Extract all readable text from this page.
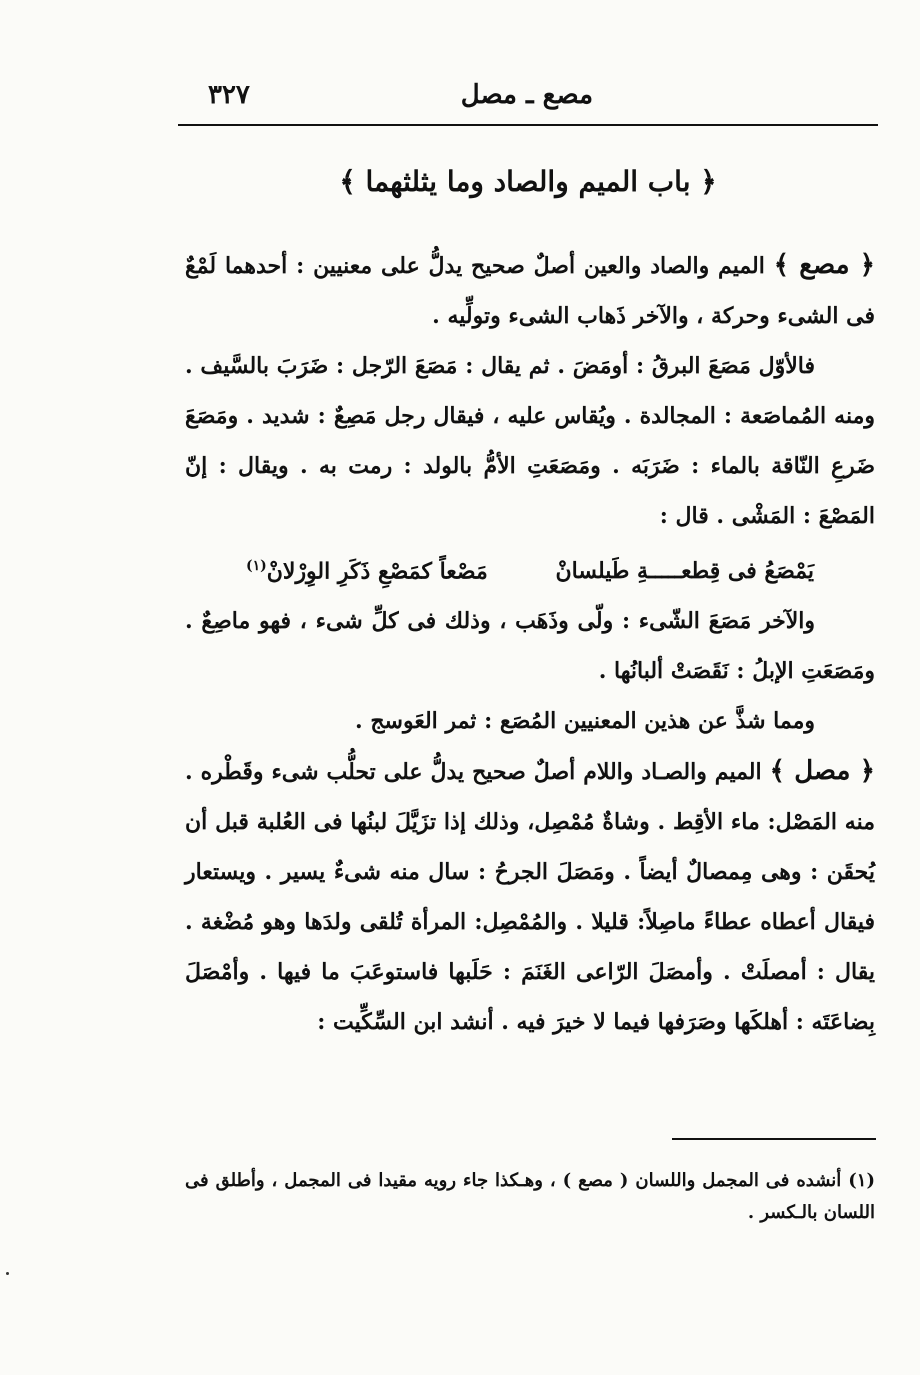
مصع ـ مصل
٣٢٧
﴿ باب الميم والصاد وما يثلثهما ﴾

﴿ مصع ﴾ الميم والصاد والعين أصلٌ صحيح يدلُّ على معنيين : أحدهما لَمْعٌ فى الشىء وحركة ، والآخر ذَهاب الشىء وتولِّيه .

فالأوّل مَصَعَ البرقُ : أومَضَ . ثم يقال : مَصَعَ الرّجل : ضَرَبَ بالسَّيف . ومنه المُماصَعة : المجالدة . ويُقاس عليه ، فيقال رجل مَصِعٌ : شديد . ومَصَعَ ضَرعِ النّاقة بالماء : ضَرَبَه . ومَصَعَتِ الأمُّ بالولد : رمت به . ويقال : إنّ المَصْعَ : المَشْى . قال :

يَمْصَعُ فى قِطعـــــةِ طَيلسانْ مَصْعاً كمَصْعِ ذَكَرِ الوِرْلانْ$^{(١)}$

والآخر مَصَعَ الشّىء : ولّى وذَهَب ، وذلك فى كلِّ شىء ، فهو ماصِعٌ . ومَصَعَتِ الإبلُ : نَقَصَتْ ألبانُها .

ومما شذَّ عن هذين المعنيين المُصَع : ثمر العَوسج .

﴿ مصل ﴾ الميم والصـاد واللام أصلٌ صحيح يدلُّ على تحلُّب شىء وقَطْره . منه المَصْل: ماء الأقِط . وشاةٌ مُمْصِل، وذلك إذا تزَيَّلَ لبنُها فى العُلبة قبل أن يُحقَن : وهى مِمصالٌ أيضاً . ومَصَلَ الجرحُ : سال منه شىءٌ يسير . ويستعار فيقال أعطاه عطاءً ماصِلاً: قليلا . والمُمْصِل: المرأة تُلقى ولدَها وهو مُضْغة . يقال : أمصلَتْ . وأمصَلَ الرّاعى الغَنَمَ : حَلَبها فاستوعَبَ ما فيها . وأمْصَلَ بِضاعَتَه : أهلكَها وصَرَفها فيما لا خيرَ فيه . أنشد ابن السِّكِّيت :

(١) أنشده فى المجمل واللسان ( مصع ) ، وهـكذا جاء رويه مقيدا فى المجمل ، وأطلق فى اللسان بالـكسر .
